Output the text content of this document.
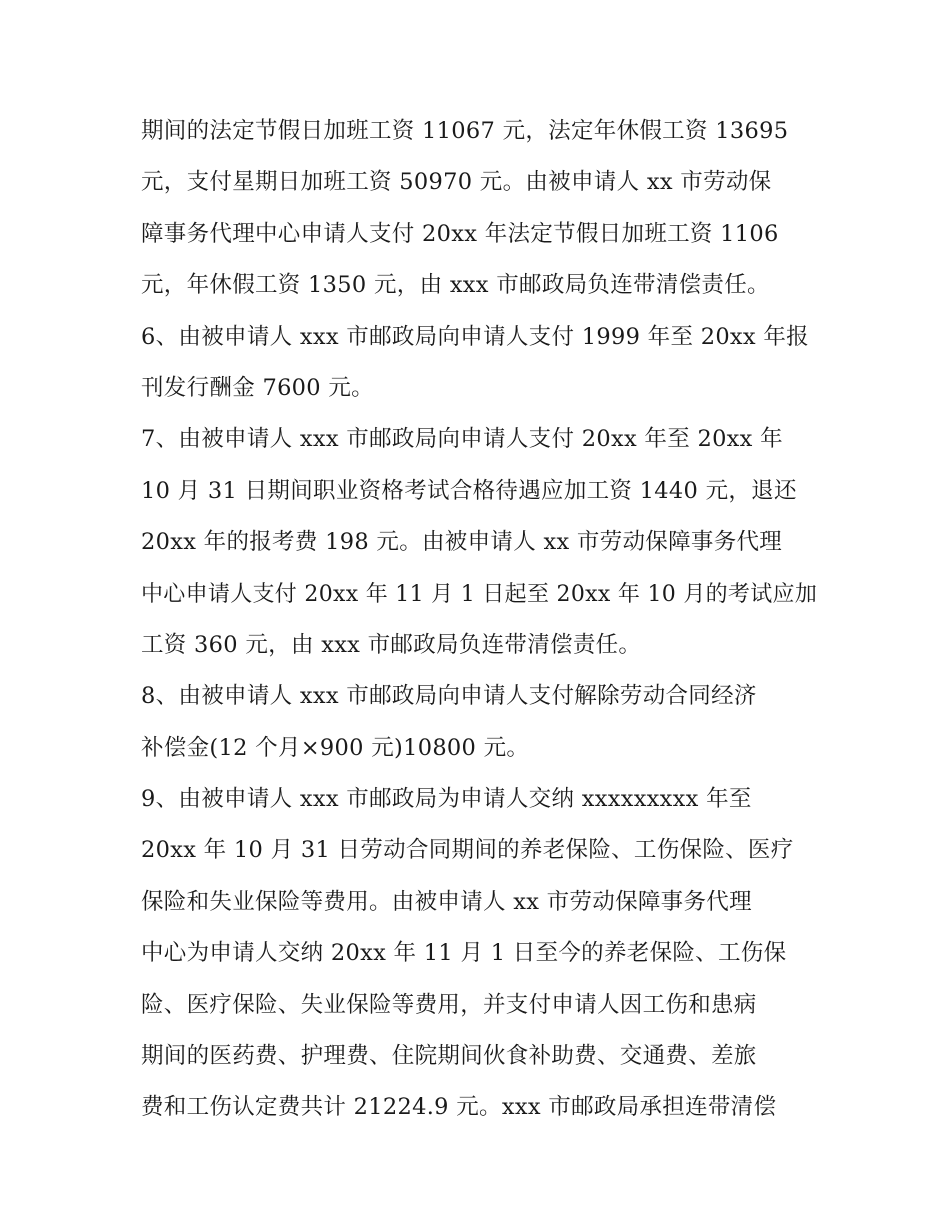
期间的法定节假日加班工资 11067 元，法定年休假工资 13695
元，支付星期日加班工资 50970 元。由被申请人 xx 市劳动保
障事务代理中心申请人支付 20xx 年法定节假日加班工资 1106
元，年休假工资 1350 元，由 xxx 市邮政局负连带清偿责任。
6、由被申请人 xxx 市邮政局向申请人支付 1999 年至 20xx 年报
刊发行酬金 7600 元。
7、由被申请人 xxx 市邮政局向申请人支付 20xx 年至 20xx 年
10 月 31 日期间职业资格考试合格待遇应加工资 1440 元，退还
20xx 年的报考费 198 元。由被申请人 xx 市劳动保障事务代理
中心申请人支付 20xx 年 11 月 1 日起至 20xx 年 10 月的考试应加
工资 360 元，由 xxx 市邮政局负连带清偿责任。
8、由被申请人 xxx 市邮政局向申请人支付解除劳动合同经济
补偿金(12 个月×900 元)10800 元。
9、由被申请人 xxx 市邮政局为申请人交纳 xxxxxxxxx 年至
20xx 年 10 月 31 日劳动合同期间的养老保险、工伤保险、医疗
保险和失业保险等费用。由被申请人 xx 市劳动保障事务代理
中心为申请人交纳 20xx 年 11 月 1 日至今的养老保险、工伤保
险、医疗保险、失业保险等费用，并支付申请人因工伤和患病
期间的医药费、护理费、住院期间伙食补助费、交通费、差旅
费和工伤认定费共计 21224.9 元。xxx 市邮政局承担连带清偿
